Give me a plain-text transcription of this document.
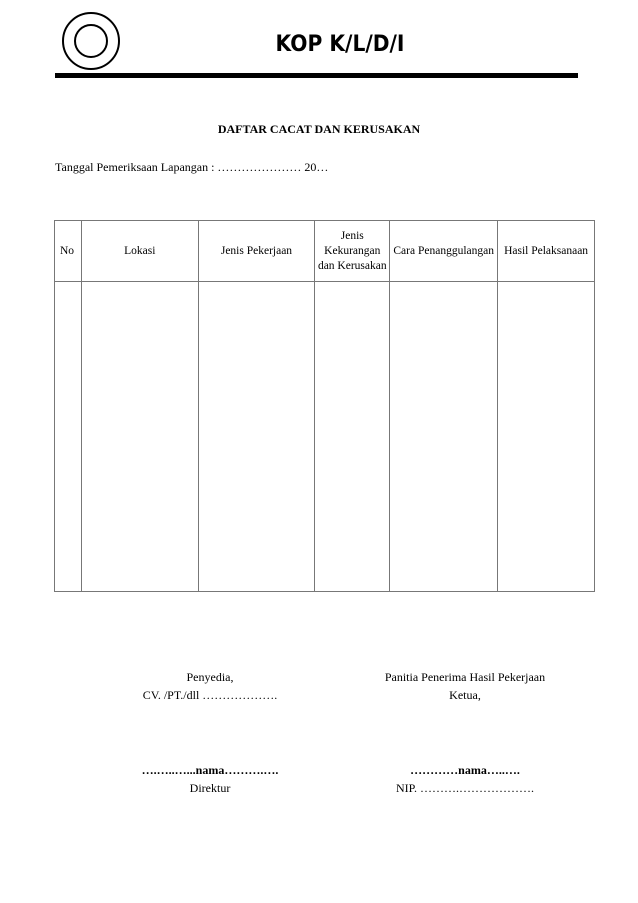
KOP K/L/D/I
DAFTAR CACAT DAN KERUSAKAN
Tanggal Pemeriksaan Lapangan : ………………… 20…
No	Lokasi	Jenis Pekerjaan	Jenis Kekurangan dan Kerusakan	Cara Penanggulangan	Hasil Pelaksanaan

Penyedia,
CV. /PT./dll ……………….
Panitia Penerima Hasil Pekerjaan
Ketua,
….…..…...nama……….….
Direktur
…………nama…..….
NIP. ……….……………….
